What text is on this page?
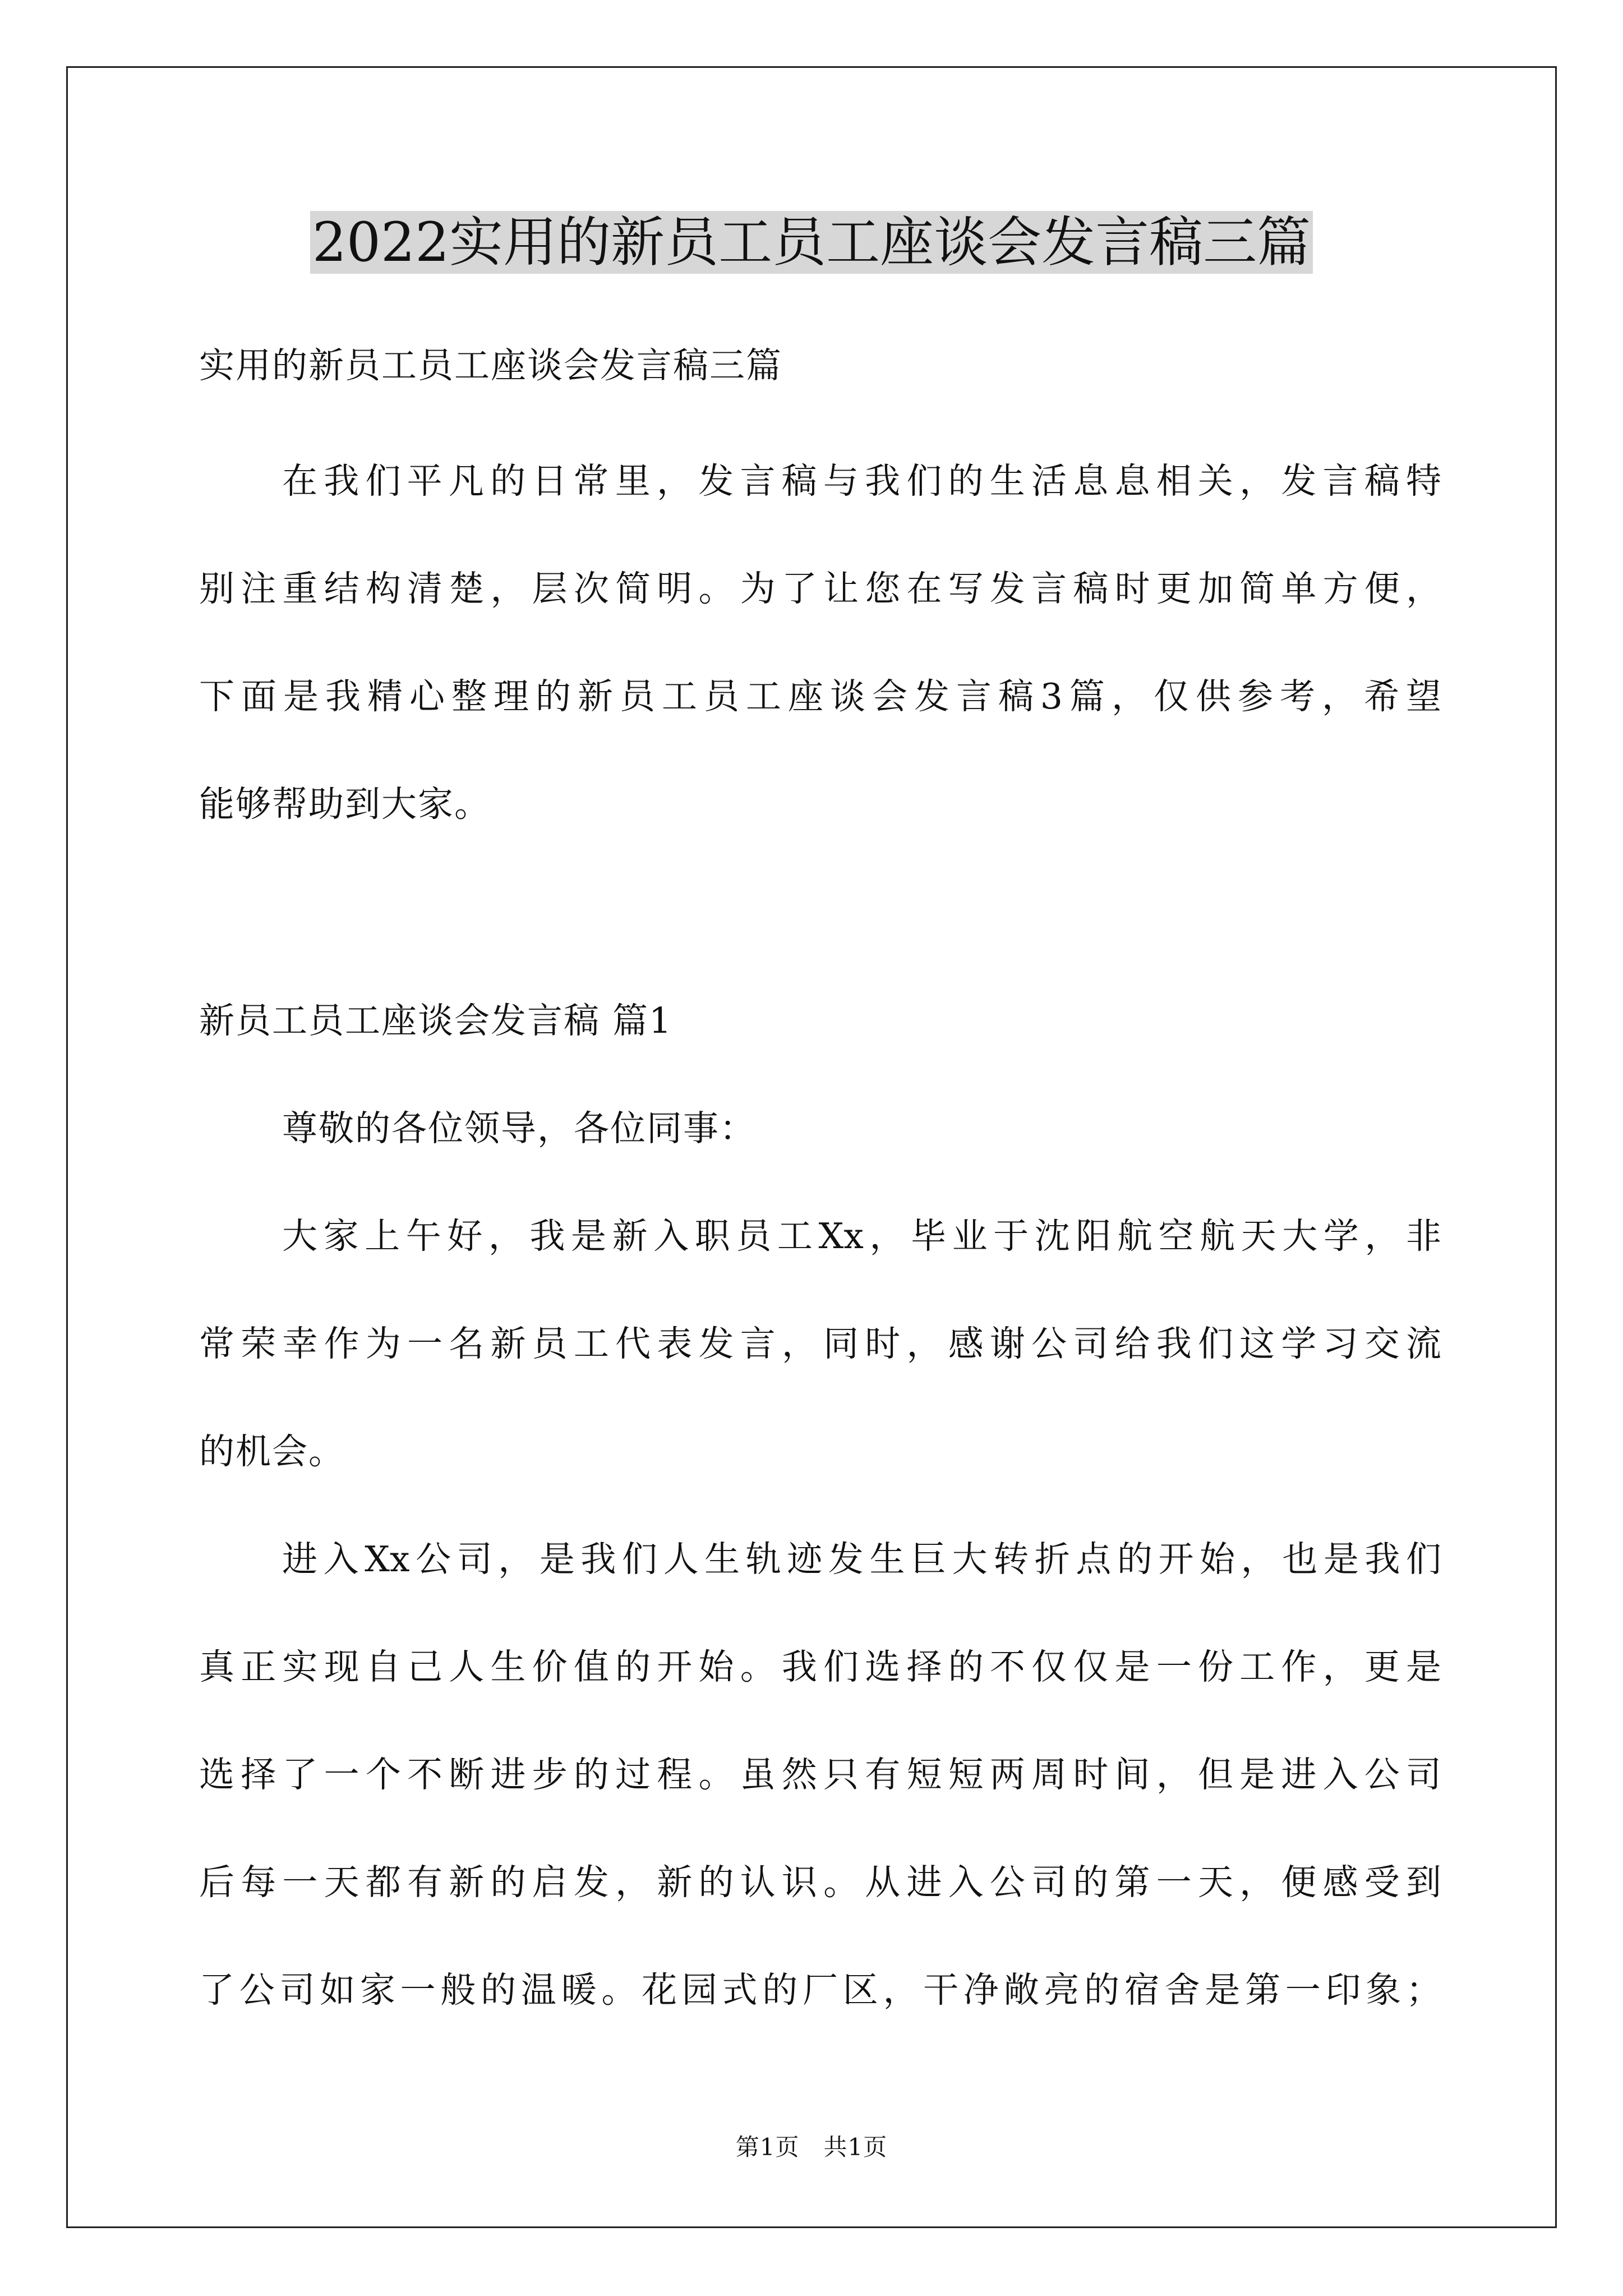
2022实用的新员工员工座谈会发言稿三篇

实用的新员工员工座谈会发言稿三篇

在我们平凡的日常里，发言稿与我们的生活息息相关，发言稿特

别注重结构清楚，层次简明。为了让您在写发言稿时更加简单方便，

下面是我精心整理的新员工员工座谈会发言稿3篇，仅供参考，希望

能够帮助到大家。

新员工员工座谈会发言稿 篇1

尊敬的各位领导，各位同事：

大家上午好，我是新入职员工Xx，毕业于沈阳航空航天大学，非

常荣幸作为一名新员工代表发言，同时，感谢公司给我们这学习交流

的机会。

进入Xx公司，是我们人生轨迹发生巨大转折点的开始，也是我们

真正实现自己人生价值的开始。我们选择的不仅仅是一份工作，更是

选择了一个不断进步的过程。虽然只有短短两周时间，但是进入公司

后每一天都有新的启发，新的认识。从进入公司的第一天，便感受到

了公司如家一般的温暖。花园式的厂区，干净敞亮的宿舍是第一印象；

第1页　共1页
